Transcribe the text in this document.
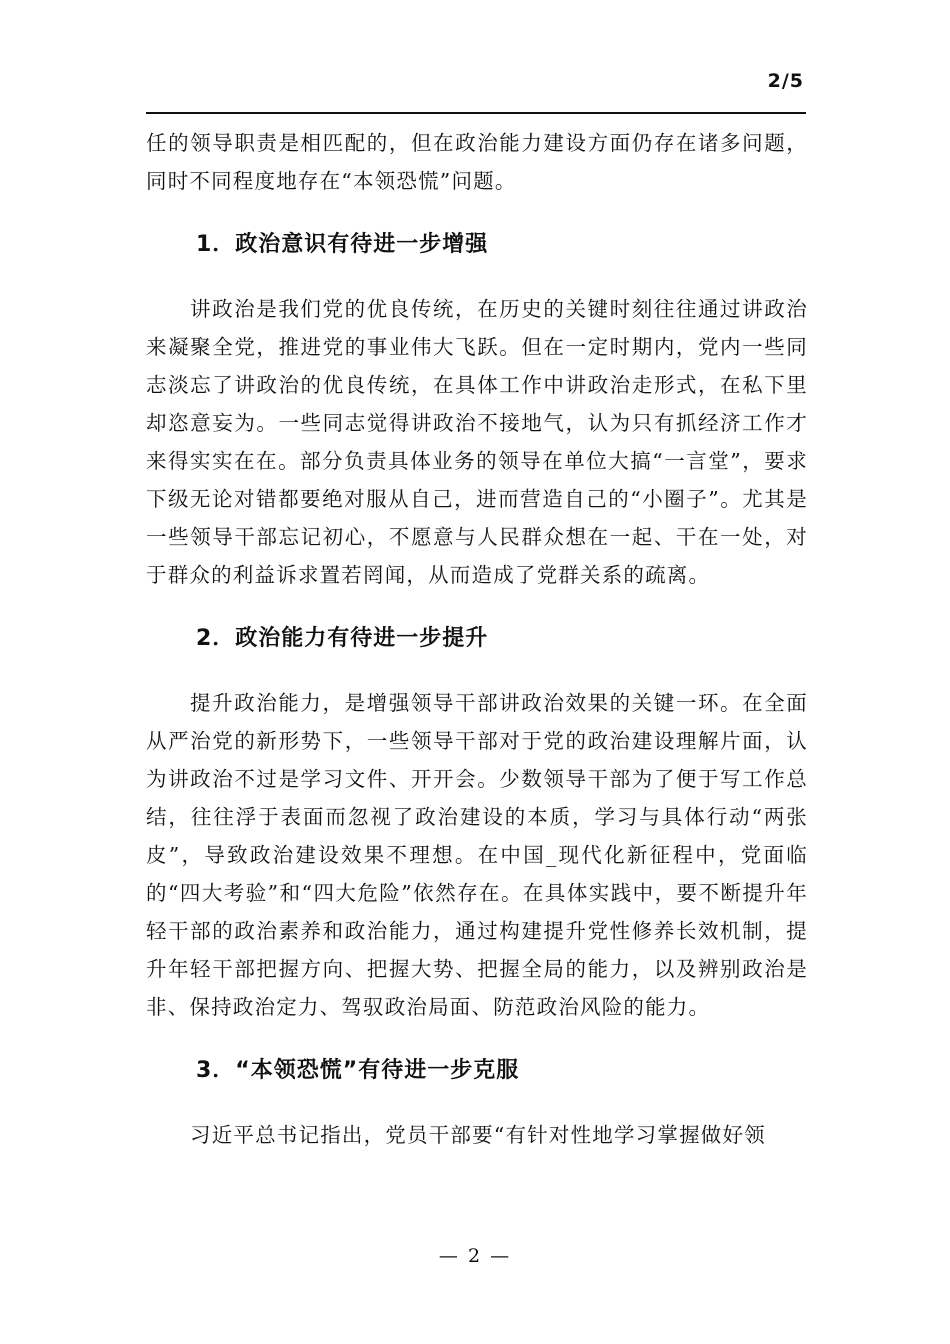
2/5

任的领导职责是相匹配的，但在政治能力建设方面仍存在诸多问题，同时不同程度地存在“本领恐慌”问题。

1．政治意识有待进一步增强

讲政治是我们党的优良传统，在历史的关键时刻往往通过讲政治来凝聚全党，推进党的事业伟大飞跃。但在一定时期内，党内一些同志淡忘了讲政治的优良传统，在具体工作中讲政治走形式，在私下里却恣意妄为。一些同志觉得讲政治不接地气，认为只有抓经济工作才来得实实在在。部分负责具体业务的领导在单位大搞“一言堂”，要求下级无论对错都要绝对服从自己，进而营造自己的“小圈子”。尤其是一些领导干部忘记初心，不愿意与人民群众想在一起、干在一处，对于群众的利益诉求置若罔闻，从而造成了党群关系的疏离。

2．政治能力有待进一步提升

提升政治能力，是增强领导干部讲政治效果的关键一环。在全面从严治党的新形势下，一些领导干部对于党的政治建设理解片面，认为讲政治不过是学习文件、开开会。少数领导干部为了便于写工作总结，往往浮于表面而忽视了政治建设的本质，学习与具体行动“两张皮”，导致政治建设效果不理想。在中国_现代化新征程中，党面临的“四大考验”和“四大危险”依然存在。在具体实践中，要不断提升年轻干部的政治素养和政治能力，通过构建提升党性修养长效机制，提升年轻干部把握方向、把握大势、把握全局的能力，以及辨别政治是非、保持政治定力、驾驭政治局面、防范政治风险的能力。

3．“本领恐慌”有待进一步克服

习近平总书记指出，党员干部要“有针对性地学习掌握做好领

— 2 —
